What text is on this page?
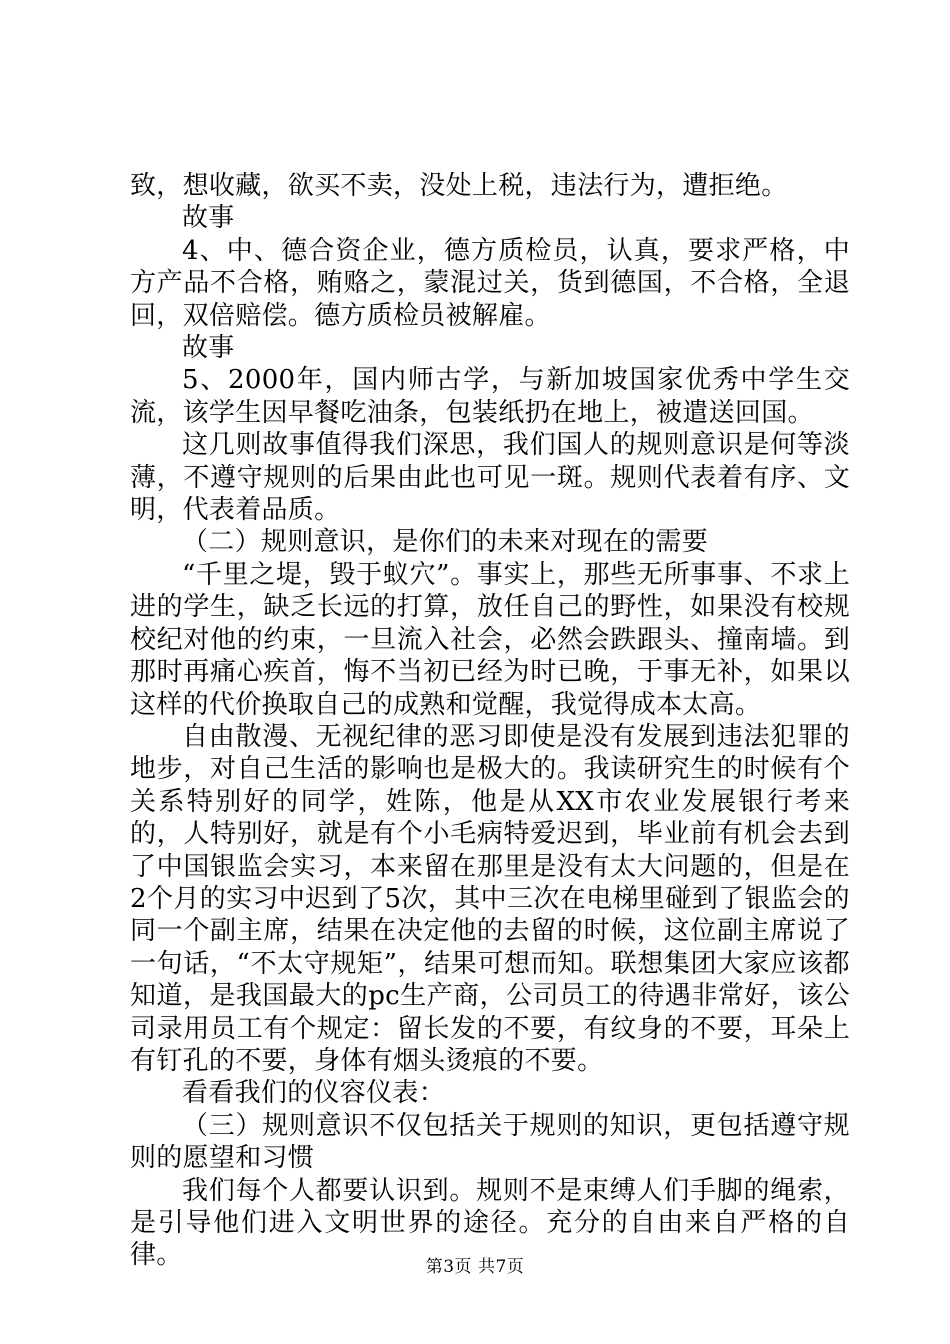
致，想收藏，欲买不卖，没处上税，违法行为，遭拒绝。

故事

4、中、德合资企业，德方质检员，认真，要求严格，中方产品不合格，贿赂之，蒙混过关，货到德国，不合格，全退回，双倍赔偿。德方质检员被解雇。

故事

5、2000年，国内师古学，与新加坡国家优秀中学生交流，该学生因早餐吃油条，包装纸扔在地上，被遣送回国。

这几则故事值得我们深思，我们国人的规则意识是何等淡薄，不遵守规则的后果由此也可见一斑。规则代表着有序、文明，代表着品质。

（二）规则意识，是你们的未来对现在的需要

“千里之堤，毁于蚁穴”。事实上，那些无所事事、不求上进的学生，缺乏长远的打算，放任自己的野性，如果没有校规校纪对他的约束，一旦流入社会，必然会跌跟头、撞南墙。到那时再痛心疾首，悔不当初已经为时已晚，于事无补，如果以这样的代价换取自己的成熟和觉醒，我觉得成本太高。

自由散漫、无视纪律的恶习即使是没有发展到违法犯罪的地步，对自己生活的影响也是极大的。我读研究生的时候有个关系特别好的同学，姓陈，他是从XX市农业发展银行考来的，人特别好，就是有个小毛病特爱迟到，毕业前有机会去到了中国银监会实习，本来留在那里是没有太大问题的，但是在2个月的实习中迟到了5次，其中三次在电梯里碰到了银监会的同一个副主席，结果在决定他的去留的时候，这位副主席说了一句话，“不太守规矩”，结果可想而知。联想集团大家应该都知道，是我国最大的pc生产商，公司员工的待遇非常好，该公司录用员工有个规定：留长发的不要，有纹身的不要，耳朵上有钉孔的不要，身体有烟头烫痕的不要。

看看我们的仪容仪表：

（三）规则意识不仅包括关于规则的知识，更包括遵守规则的愿望和习惯

我们每个人都要认识到。规则不是束缚人们手脚的绳索，是引导他们进入文明世界的途径。充分的自由来自严格的自律。	第3页 共7页
